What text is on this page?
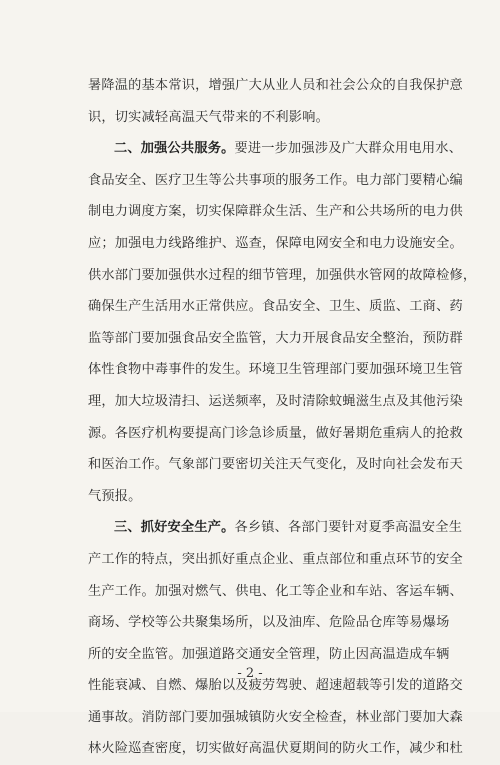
暑降温的基本常识，增强广大从业人员和社会公众的自我保护意
识，切实减轻高温天气带来的不利影响。
二、加强公共服务。要进一步加强涉及广大群众用电用水、
食品安全、医疗卫生等公共事项的服务工作。电力部门要精心编
制电力调度方案，切实保障群众生活、生产和公共场所的电力供
应；加强电力线路维护、巡查，保障电网安全和电力设施安全。
供水部门要加强供水过程的细节管理，加强供水管网的故障检修，
确保生产生活用水正常供应。食品安全、卫生、质监、工商、药
监等部门要加强食品安全监管，大力开展食品安全整治，预防群
体性食物中毒事件的发生。环境卫生管理部门要加强环境卫生管
理，加大垃圾清扫、运送频率，及时清除蚊蝇滋生点及其他污染
源。各医疗机构要提高门诊急诊质量，做好暑期危重病人的抢救
和医治工作。气象部门要密切关注天气变化，及时向社会发布天
气预报。
三、抓好安全生产。各乡镇、各部门要针对夏季高温安全生
产工作的特点，突出抓好重点企业、重点部位和重点环节的安全
生产工作。加强对燃气、供电、化工等企业和车站、客运车辆、
商场、学校等公共聚集场所，以及油库、危险品仓库等易爆场
所的安全监管。加强道路交通安全管理，防止因高温造成车辆
性能衰减、自燃、爆胎以及疲劳驾驶、超速超载等引发的道路交
通事故。消防部门要加强城镇防火安全检查，林业部门要加大森
林火险巡查密度，切实做好高温伏夏期间的防火工作，减少和杜
- 2 -
